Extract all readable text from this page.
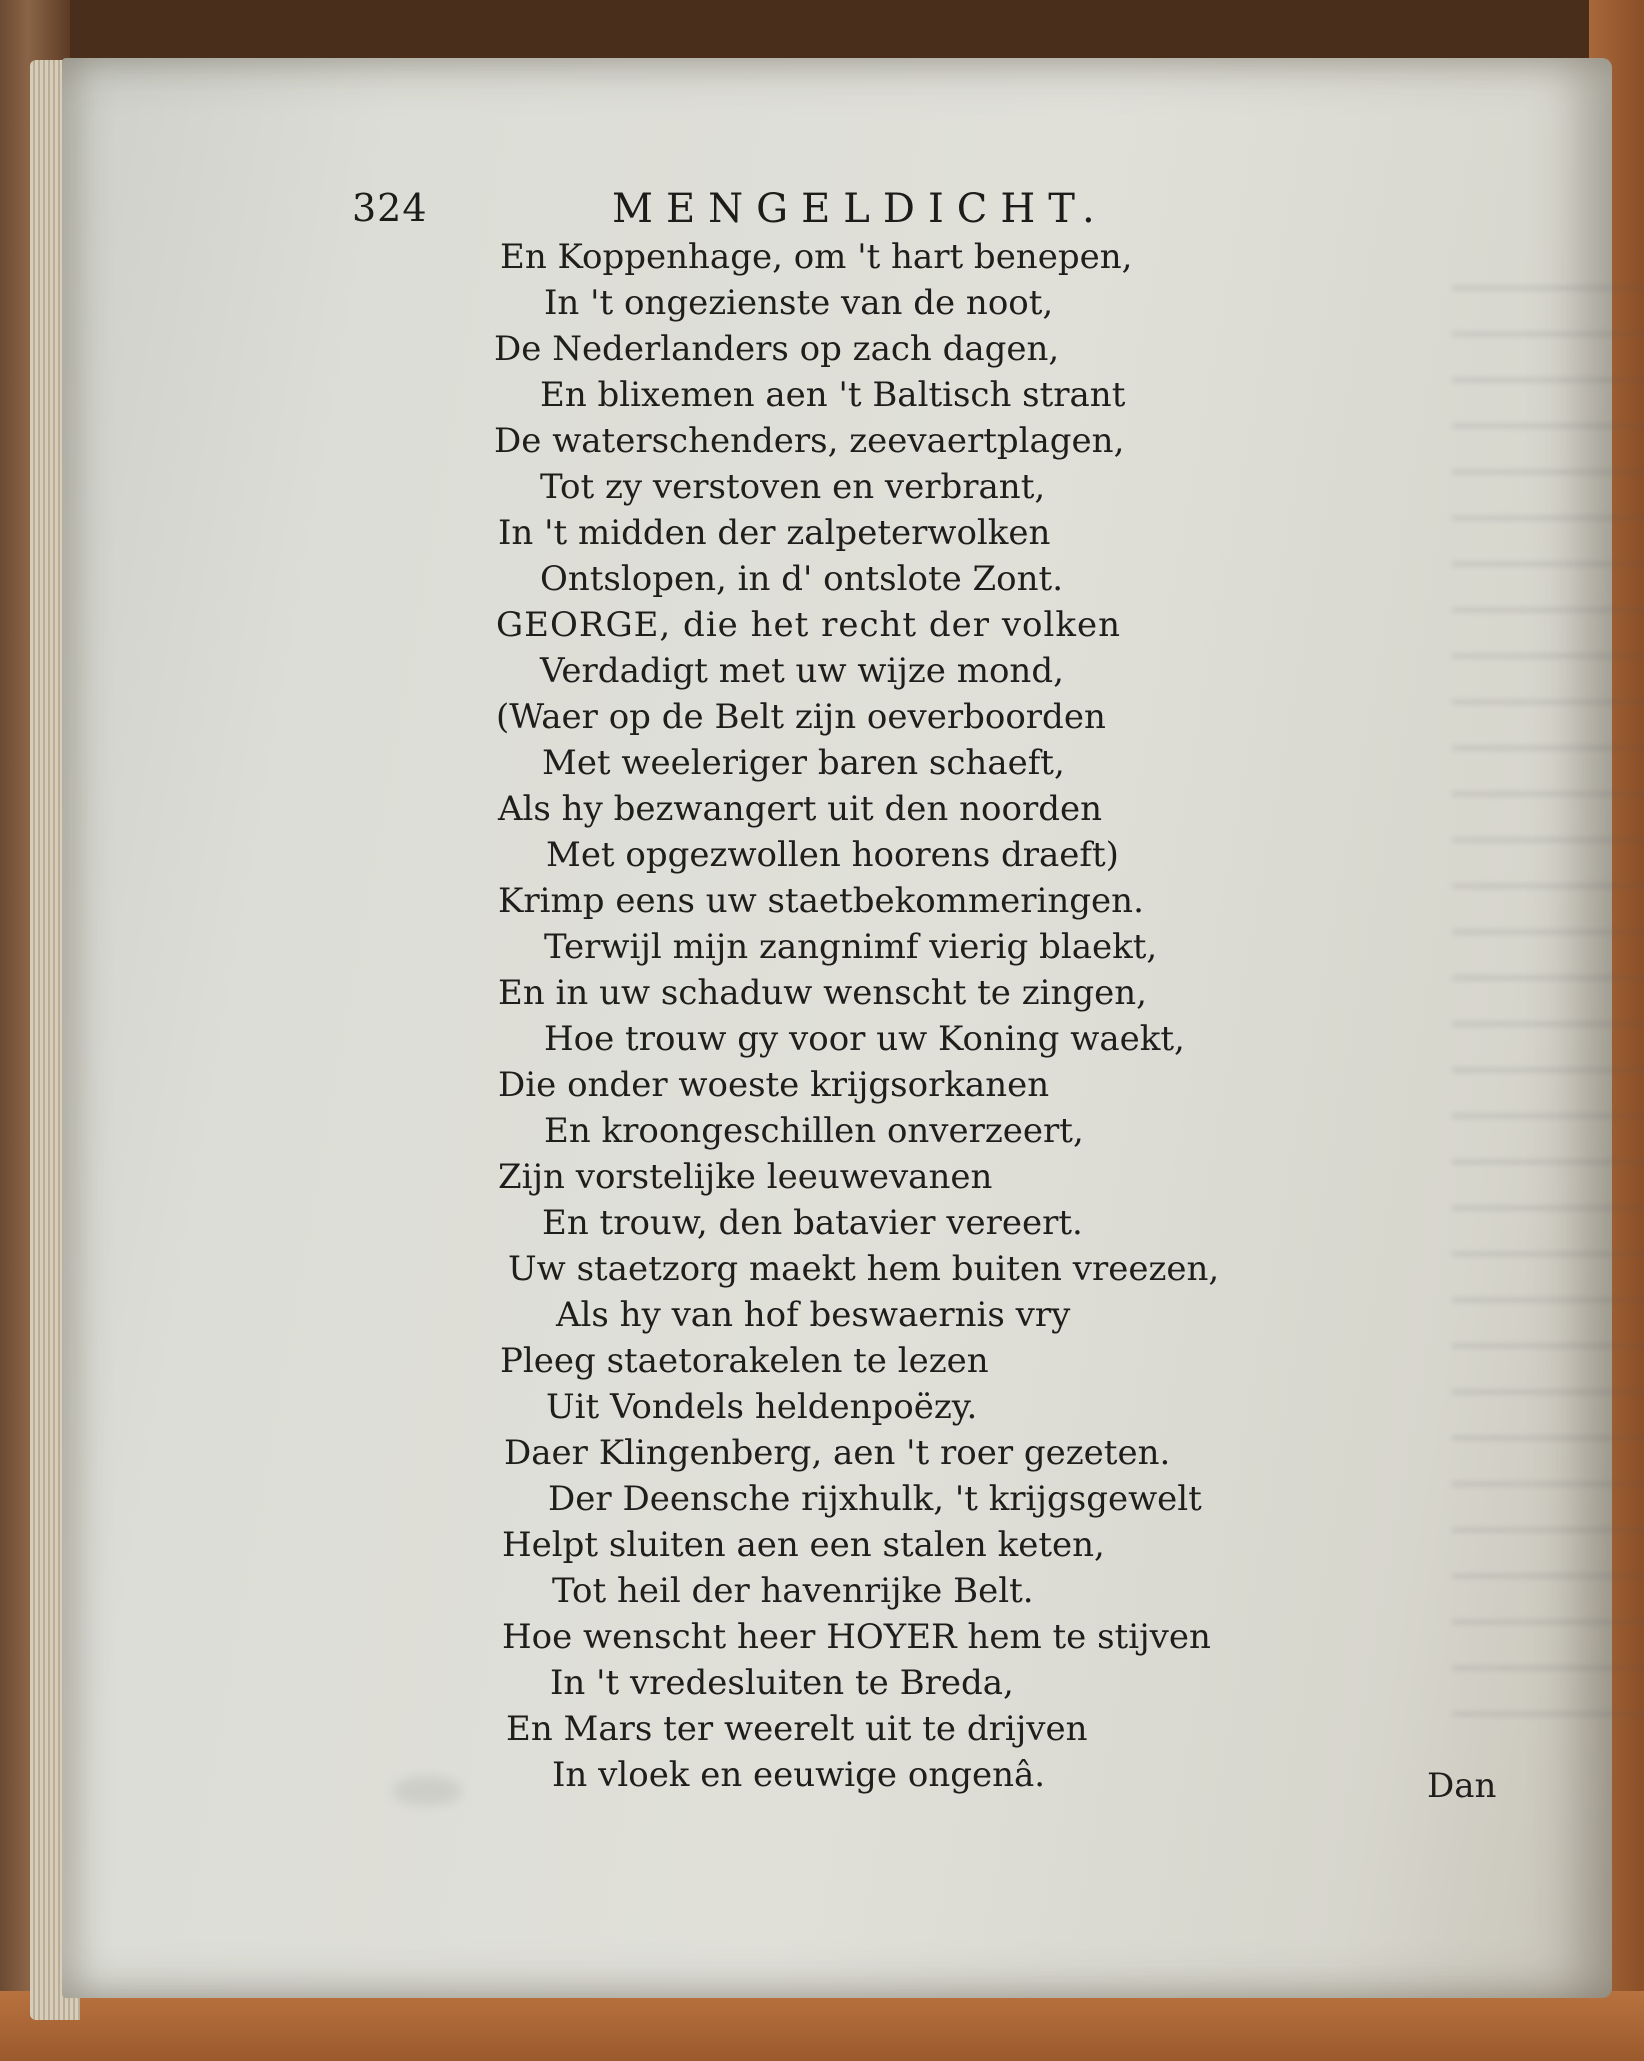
324	MENGELDICHT.
En Koppenhage, om 't hart benepen,
In 't ongezienste van de noot,
De Nederlanders op zach dagen,
En blixemen aen 't Baltisch strant
De waterschenders, zeevaertplagen,
Tot zy verstoven en verbrant,
In 't midden der zalpeterwolken
Ontslopen, in d' ontslote Zont.
GEORGE, die het recht der volken
Verdadigt met uw wijze mond,
(Waer op de Belt zijn oeverboorden
Met weeleriger baren schaeft,
Als hy bezwangert uit den noorden
Met opgezwollen hoorens draeft)
Krimp eens uw staetbekommeringen.
Terwijl mijn zangnimf vierig blaekt,
En in uw schaduw wenscht te zingen,
Hoe trouw gy voor uw Koning waekt,
Die onder woeste krijgsorkanen
En kroongeschillen onverzeert,
Zijn vorstelijke leeuwevanen
En trouw, den batavier vereert.
Uw staetzorg maekt hem buiten vreezen,
Als hy van hof beswaernis vry
Pleeg staetorakelen te lezen
Uit Vondels heldenpoëzy.
Daer Klingenberg, aen 't roer gezeten.
Der Deensche rijxhulk, 't krijgsgewelt
Helpt sluiten aen een stalen keten,
Tot heil der havenrijke Belt.
Hoe wenscht heer HOYER hem te stijven
In 't vredesluiten te Breda,
En Mars ter weerelt uit te drijven
In vloek en eeuwige ongenâ.	Dan
